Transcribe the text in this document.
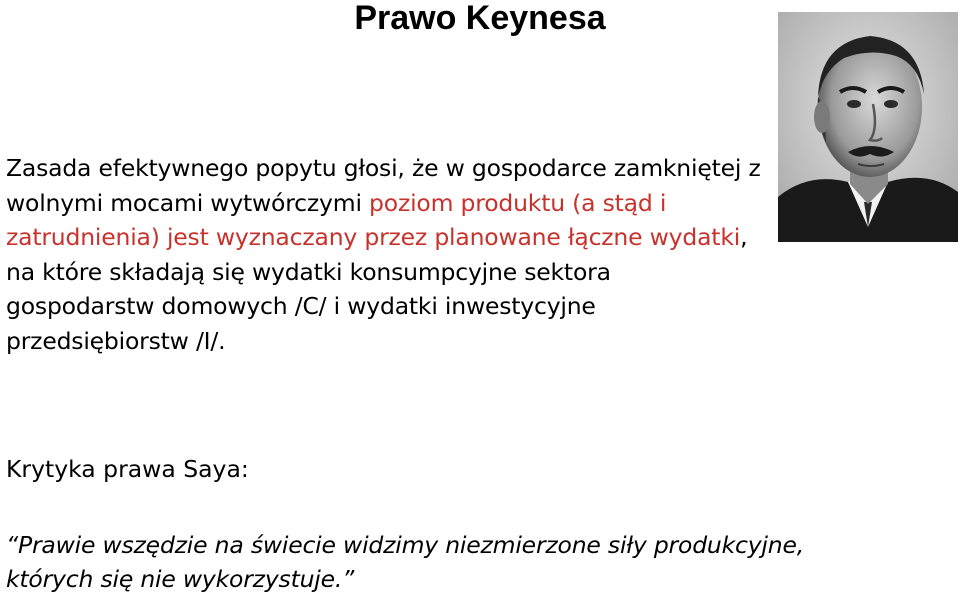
Prawo Keynesa

Zasada efektywnego popytu głosi, że w gospodarce zamkniętej z wolnymi mocami wytwórczymi poziom produktu (a stąd i zatrudnienia) jest wyznaczany przez planowane łączne wydatki, na które składają się wydatki konsumpcyjne sektora gospodarstw domowych /C/ i wydatki inwestycyjne przedsiębiorstw /I/.

Krytyka prawa Saya:

“Prawie wszędzie na świecie widzimy niezmierzone siły produkcyjne, których się nie wykorzystuje.”
